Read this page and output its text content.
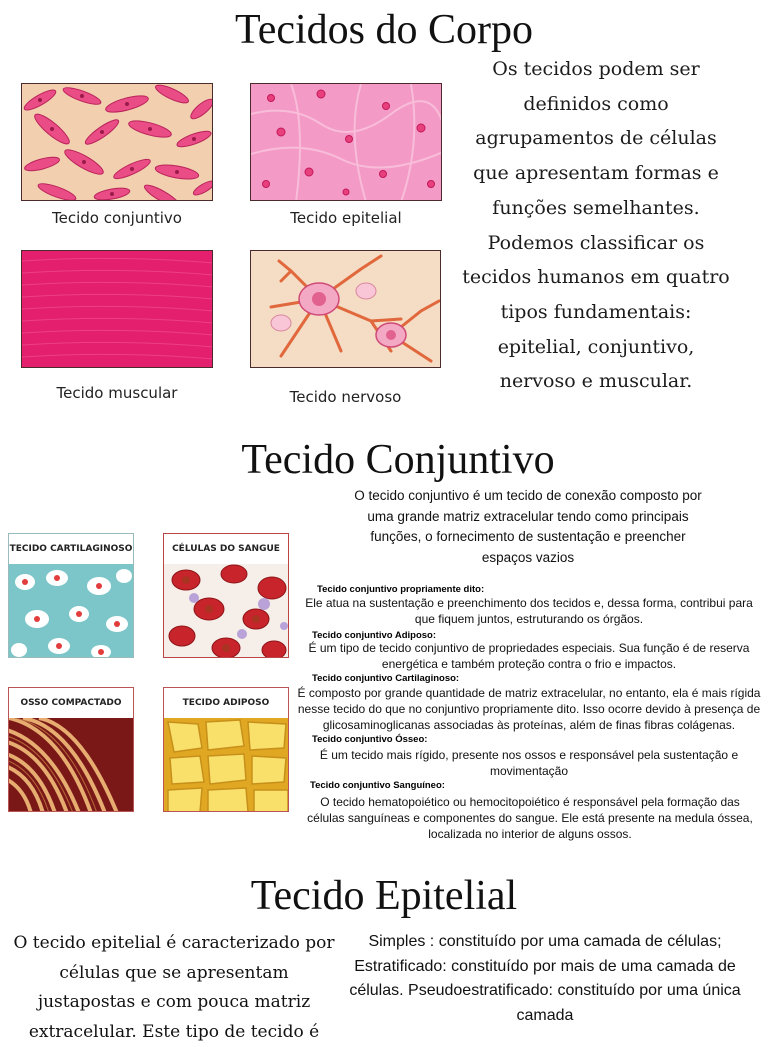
Tecidos do Corpo
Tecido conjuntivo	Tecido epitelial
Tecido muscular	Tecido nervoso
Os tecidos podem ser definidos como agrupamentos de células que apresentam formas e funções semelhantes. Podemos classificar os tecidos humanos em quatro tipos fundamentais: epitelial, conjuntivo, nervoso e muscular.
Tecido Conjuntivo
O tecido conjuntivo é um tecido de conexão composto por uma grande matriz extracelular tendo como principais funções, o fornecimento de sustentação e preencher espaços vazios
TECIDO CARTILAGINOSO	CÉLULAS DO SANGUE
OSSO COMPACTADO	TECIDO ADIPOSO
Tecido conjuntivo propriamente dito:
Ele atua na sustentação e preenchimento dos tecidos e, dessa forma, contribui para que fiquem juntos, estruturando os órgãos.
Tecido conjuntivo Adiposo:
É um tipo de tecido conjuntivo de propriedades especiais. Sua função é de reserva energética e também proteção contra o frio e impactos.
Tecido conjuntivo Cartilaginoso:
É composto por grande quantidade de matriz extracelular, no entanto, ela é mais rígida nesse tecido do que no conjuntivo propriamente dito. Isso ocorre devido à presença de glicosaminoglicanas associadas às proteínas, além de finas fibras colágenas.
Tecido conjuntivo Ósseo:
É um tecido mais rígido, presente nos ossos e responsável pela sustentação e movimentação
Tecido conjuntivo Sanguíneo:
O tecido hematopoiético ou hemocitopoiético é responsável pela formação das células sanguíneas e componentes do sangue. Ele está presente na medula óssea, localizada no interior de alguns ossos.
Tecido Epitelial
O tecido epitelial é caracterizado por células que se apresentam justapostas e com pouca matriz extracelular. Este tipo de tecido é
Simples : constituído por uma camada de células; Estratificado: constituído por mais de uma camada de células. Pseudoestratificado: constituído por uma única camada
